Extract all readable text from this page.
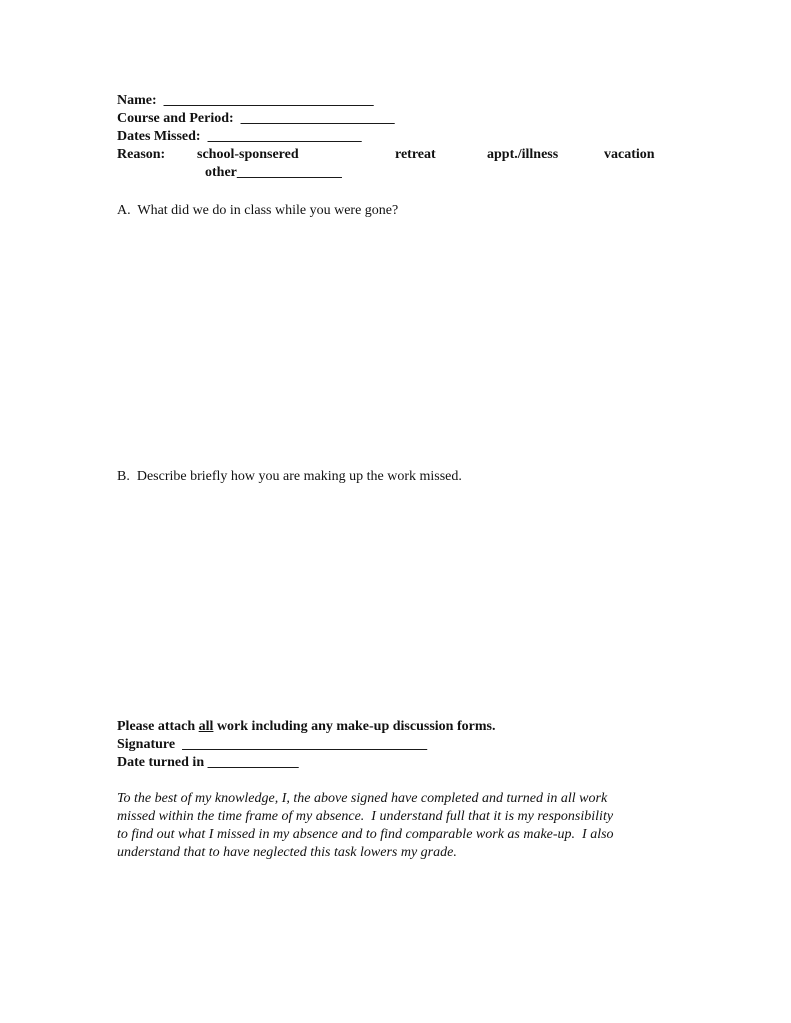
Name:  ______________________________
Course and Period:  ______________________
Dates Missed:  ______________________
Reason: school-sponsered	retreat	appt./illness	vacation
other_______________
A.  What did we do in class while you were gone?
B.  Describe briefly how you are making up the work missed.
Please attach all work including any make-up discussion forms.
Signature  ___________________________________
Date turned in _____________
To the best of my knowledge, I, the above signed have completed and turned in all work
missed within the time frame of my absence.  I understand full that it is my responsibility
to find out what I missed in my absence and to find comparable work as make-up.  I also
understand that to have neglected this task lowers my grade.
